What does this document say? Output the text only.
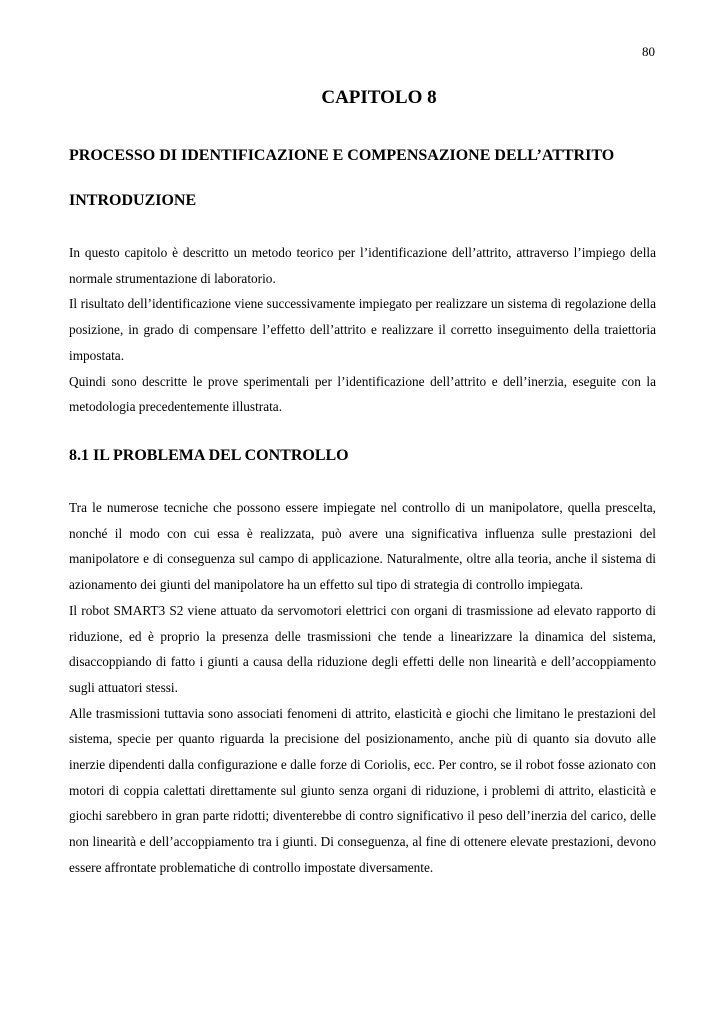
80
CAPITOLO 8
PROCESSO DI IDENTIFICAZIONE E COMPENSAZIONE DELL’ATTRITO
INTRODUZIONE

In questo capitolo è descritto un metodo teorico per l’identificazione dell’attrito, attraverso l’impiego della normale strumentazione di laboratorio.

Il risultato dell’identificazione viene successivamente impiegato per realizzare un sistema di regolazione della posizione, in grado di compensare l’effetto dell’attrito e realizzare il corretto inseguimento della traiettoria impostata.

Quindi sono descritte le prove sperimentali per l’identificazione dell’attrito e dell’inerzia, eseguite con la metodologia precedentemente illustrata.

8.1 IL PROBLEMA DEL CONTROLLO

Tra le numerose tecniche che possono essere impiegate nel controllo di un manipolatore, quella prescelta, nonché il modo con cui essa è realizzata, può avere una significativa influenza sulle prestazioni del manipolatore e di conseguenza sul campo di applicazione. Naturalmente, oltre alla teoria, anche il sistema di azionamento dei giunti del manipolatore ha un effetto sul tipo di strategia di controllo impiegata.

Il robot SMART3 S2 viene attuato da servomotori elettrici con organi di trasmissione ad elevato rapporto di riduzione, ed è proprio la presenza delle trasmissioni che tende a linearizzare la dinamica del sistema, disaccoppiando di fatto i giunti a causa della riduzione degli effetti delle non linearità e dell’accoppiamento sugli attuatori stessi.

Alle trasmissioni tuttavia sono associati fenomeni di attrito, elasticità e giochi che limitano le prestazioni del sistema, specie per quanto riguarda la precisione del posizionamento, anche più di quanto sia dovuto alle inerzie dipendenti dalla configurazione e dalle forze di Coriolis, ecc. Per contro, se il robot fosse azionato con motori di coppia calettati direttamente sul giunto senza organi di riduzione, i problemi di attrito, elasticità e giochi sarebbero in gran parte ridotti; diventerebbe di contro significativo il peso dell’inerzia del carico, delle non linearità e dell’accoppiamento tra i giunti. Di conseguenza, al fine di ottenere elevate prestazioni, devono essere affrontate problematiche di controllo impostate diversamente.
